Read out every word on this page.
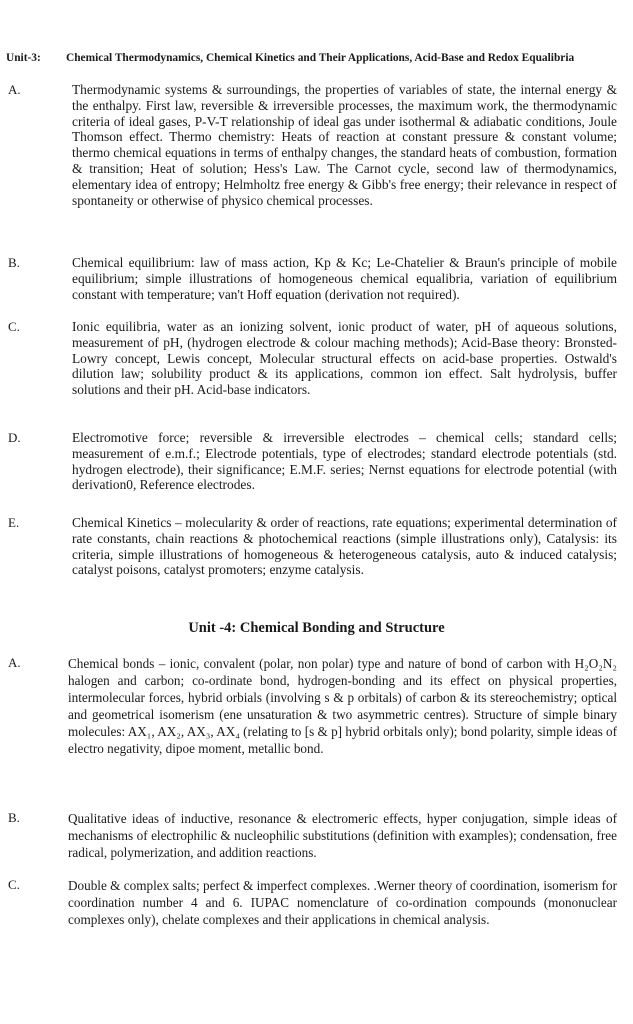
Unit-3: Chemical Thermodynamics, Chemical Kinetics and Their Applications, Acid-Base and Redox Equalibria
A.	Thermodynamic systems & surroundings, the properties of variables of state, the internal energy & the enthalpy. First law, reversible & irreversible processes, the maximum work, the thermodynamic criteria of ideal gases, P-V-T relationship of ideal gas under isothermal & adiabatic conditions, Joule Thomson effect. Thermo chemistry: Heats of reaction at constant pressure & constant volume; thermo chemical equations in terms of enthalpy changes, the standard heats of combustion, formation & transition; Heat of solution; Hess's Law. The Carnot cycle, second law of thermodynamics, elementary idea of entropy; Helmholtz free energy & Gibb's free energy; their relevance in respect of spontaneity or otherwise of physico chemical processes.
B.	Chemical equilibrium: law of mass action, Kp & Kc; Le-Chatelier & Braun's principle of mobile equilibrium; simple illustrations of homogeneous chemical equalibria, variation of equilibrium constant with temperature; van't Hoff equation (derivation not required).
C.	Ionic equilibria, water as an ionizing solvent, ionic product of water, pH of aqueous solutions, measurement of pH, (hydrogen electrode & colour maching methods); Acid-Base theory: Bronsted- Lowry concept, Lewis concept, Molecular structural effects on acid-base properties. Ostwald's dilution law; solubility product & its applications, common ion effect. Salt hydrolysis, buffer solutions and their pH. Acid-base indicators.
D.	Electromotive force; reversible & irreversible electrodes – chemical cells; standard cells; measurement of e.m.f.; Electrode potentials, type of electrodes; standard electrode potentials (std. hydrogen electrode), their significance; E.M.F. series; Nernst equations for electrode potential (with derivation0, Reference electrodes.
E.	Chemical Kinetics – molecularity & order of reactions, rate equations; experimental determination of rate constants, chain reactions & photochemical reactions (simple illustrations only), Catalysis: its criteria, simple illustrations of homogeneous & heterogeneous catalysis, auto & induced catalysis; catalyst poisons, catalyst promoters; enzyme catalysis.
Unit -4: Chemical Bonding and Structure
A.	Chemical bonds – ionic, convalent (polar, non polar) type and nature of bond of carbon with H₂O₂N₂ halogen and carbon; co-ordinate bond, hydrogen-bonding and its effect on physical properties, intermolecular forces, hybrid orbials (involving s & p orbitals) of carbon & its stereochemistry; optical and geometrical isomerism (ene unsaturation & two asymmetric centres). Structure of simple binary molecules: AX₁, AX₂, AX₃, AX₄ (relating to [s & p] hybrid orbitals only); bond polarity, simple ideas of electro negativity, dipoe moment, metallic bond.
B.	Qualitative ideas of inductive, resonance & electromeric effects, hyper conjugation, simple ideas of mechanisms of electrophilic & nucleophilic substitutions (definition with examples); condensation, free radical, polymerization, and addition reactions.
C.	Double & complex salts; perfect & imperfect complexes. .Werner theory of coordination, isomerism for coordination number 4 and 6. IUPAC nomenclature of co-ordination compounds (mononuclear complexes only), chelate complexes and their applications in chemical analysis.
